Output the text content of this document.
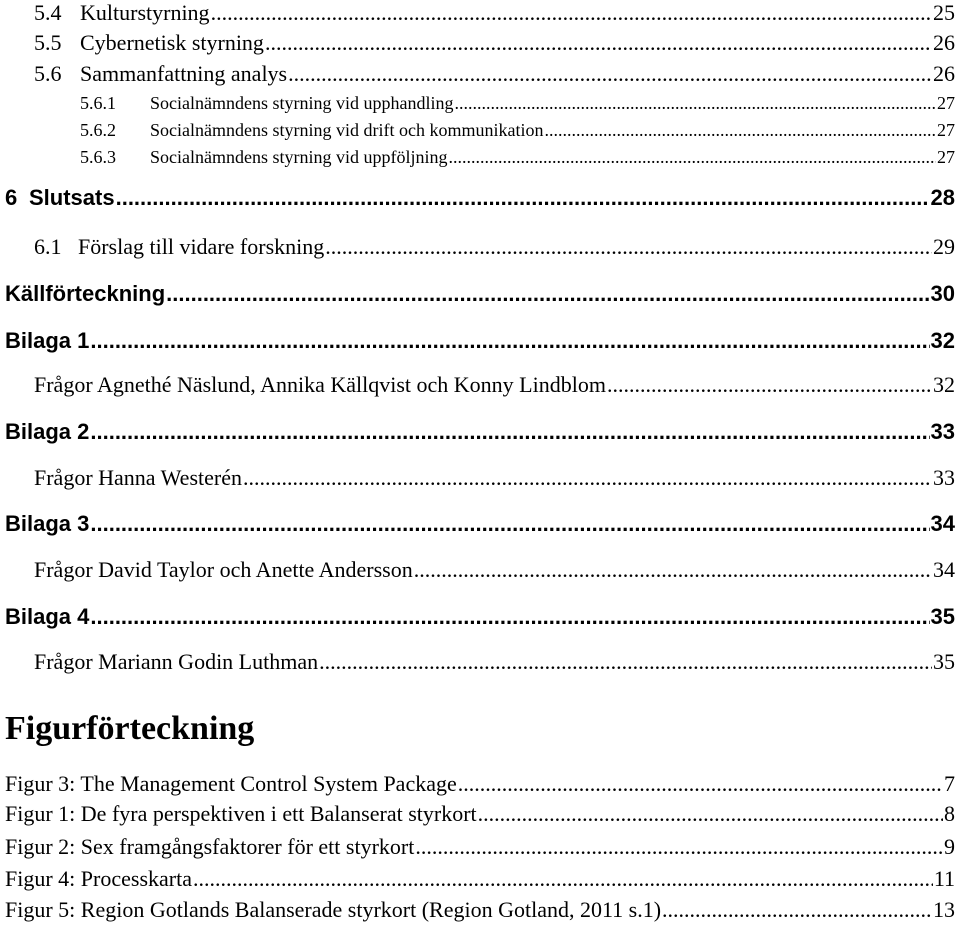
5.4 Kulturstyrning .....	25
5.5 Cybernetisk styrning .....	26
5.6 Sammanfattning analys .....	26
5.6.1	Socialnämndens styrning vid upphandling .....	27
5.6.2	Socialnämndens styrning vid drift och kommunikation .....	27
5.6.3	Socialnämndens styrning vid uppföljning .....	27
6 Slutsats .....	28
6.1 Förslag till vidare forskning .....	29
Källförteckning .....	30
Bilaga 1 .....	32
Frågor Agnethé Näslund, Annika Källqvist och Konny Lindblom .....	32
Bilaga 2 .....	33
Frågor Hanna Westerén .....	33
Bilaga 3 .....	34
Frågor David Taylor och Anette Andersson .....	34
Bilaga 4 .....	35
Frågor Mariann Godin Luthman .....	35
Figurförteckning
Figur 3: The Management Control System Package .....	7
Figur 1: De fyra perspektiven i ett Balanserat styrkort .....	8
Figur 2: Sex framgångsfaktorer för ett styrkort .....	9
Figur 4: Processkarta .....	11
Figur 5: Region Gotlands Balanserade styrkort (Region Gotland, 2011 s.1) .....	13
